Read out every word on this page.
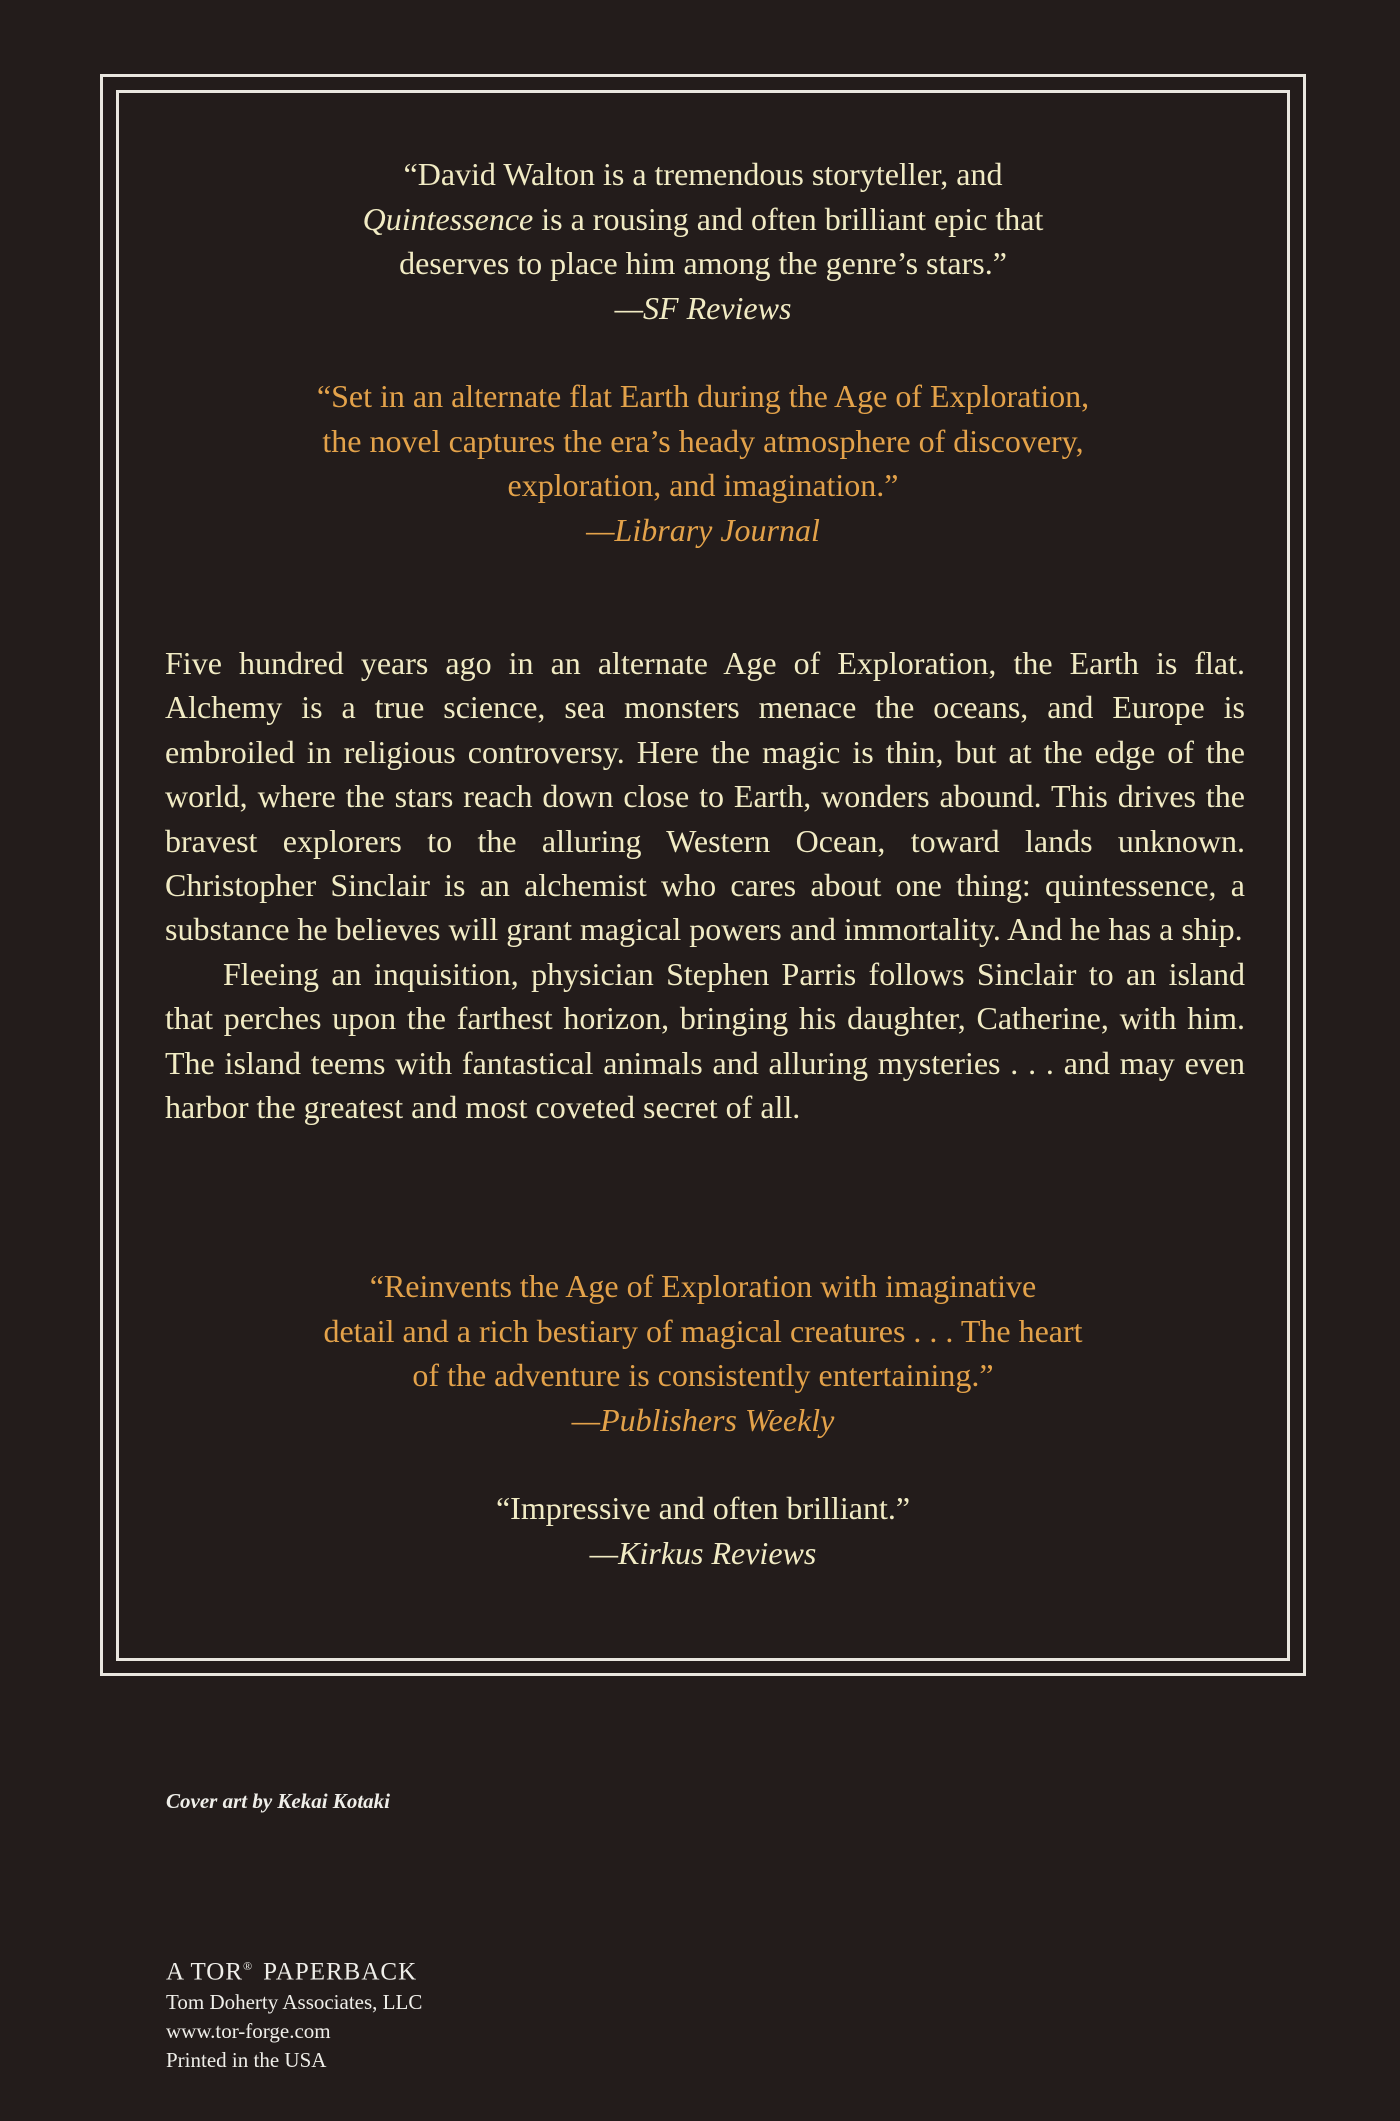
“David Walton is a tremendous storyteller, and
Quintessence is a rousing and often brilliant epic that
deserves to place him among the genre’s stars.”
—SF Reviews
“Set in an alternate flat Earth during the Age of Exploration,
the novel captures the era’s heady atmosphere of discovery,
exploration, and imagination.”
—Library Journal

Five hundred years ago in an alternate Age of Exploration, the Earth is flat. Alchemy is a true science, sea monsters menace the oceans, and Europe is embroiled in religious controversy. Here the magic is thin, but at the edge of the world, where the stars reach down close to Earth, wonders abound. This drives the bravest explorers to the alluring Western Ocean, toward lands unknown. Christopher Sinclair is an alchemist who cares about one thing: quintessence, a substance he believes will grant magical powers and immortality. And he has a ship.

Fleeing an inquisition, physician Stephen Parris follows Sinclair to an island that perches upon the farthest horizon, bringing his daughter, Catherine, with him. The island teems with fantastical animals and alluring mysteries . . . and may even harbor the greatest and most coveted secret of all.

“Reinvents the Age of Exploration with imaginative
detail and a rich bestiary of magical creatures . . . The heart
of the adventure is consistently entertaining.”
—Publishers Weekly
“Impressive and often brilliant.”
—Kirkus Reviews
Cover art by Kekai Kotaki
A TOR® PAPERBACK
Tom Doherty Associates, LLC
www.tor-forge.com
Printed in the USA
